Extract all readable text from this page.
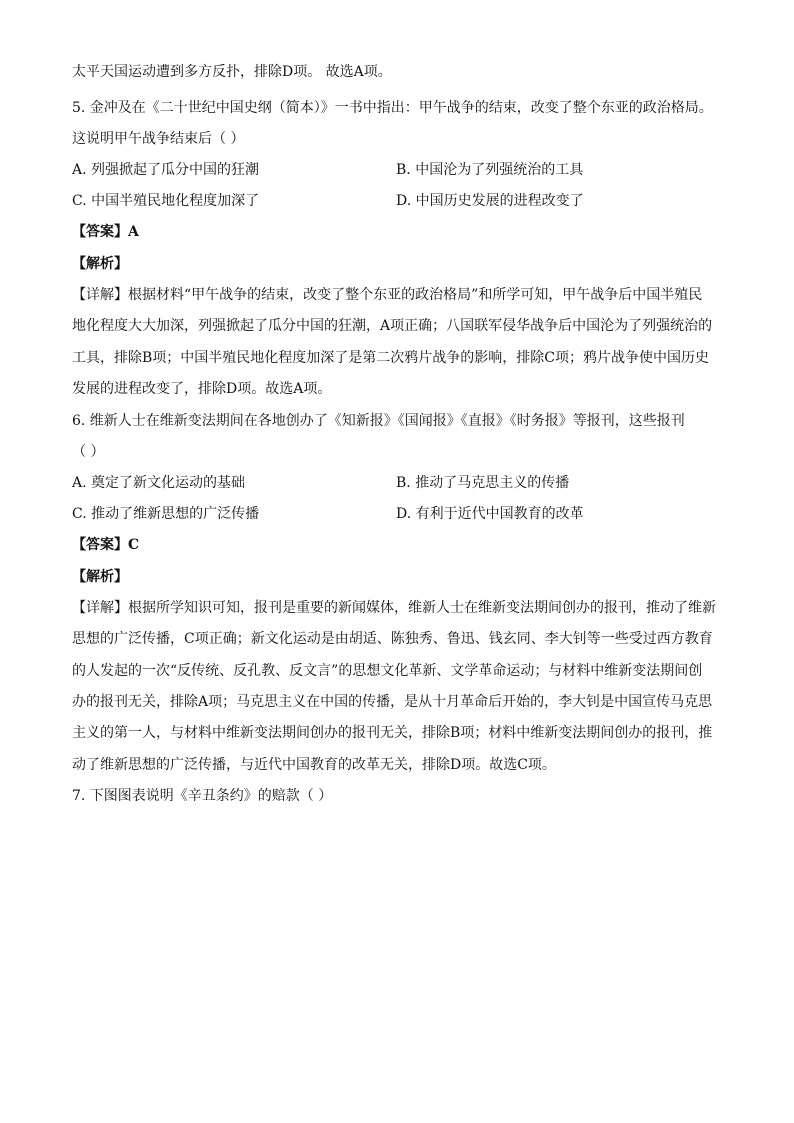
太平天国运动遭到多方反扑，排除D项。 故选A项。
5. 金冲及在《二十世纪中国史纲（简本）》一书中指出：甲午战争的结束，改变了整个东亚的政治格局。
这说明甲午战争结束后（ ）
A. 列强掀起了瓜分中国的狂潮	B. 中国沦为了列强统治的工具
C. 中国半殖民地化程度加深了	D. 中国历史发展的进程改变了
【答案】A
【解析】
【详解】根据材料“甲午战争的结束，改变了整个东亚的政治格局”和所学可知，甲午战争后中国半殖民
地化程度大大加深，列强掀起了瓜分中国的狂潮，A项正确；八国联军侵华战争后中国沦为了列强统治的
工具，排除B项；中国半殖民地化程度加深了是第二次鸦片战争的影响，排除C项；鸦片战争使中国历史
发展的进程改变了，排除D项。故选A项。
6. 维新人士在维新变法期间在各地创办了《知新报》《国闻报》《直报》《时务报》等报刊，这些报刊
（ ）
A. 奠定了新文化运动的基础	B. 推动了马克思主义的传播
C. 推动了维新思想的广泛传播	D. 有利于近代中国教育的改革
【答案】C
【解析】
【详解】根据所学知识可知，报刊是重要的新闻媒体，维新人士在维新变法期间创办的报刊，推动了维新
思想的广泛传播，C项正确；新文化运动是由胡适、陈独秀、鲁迅、钱玄同、李大钊等一些受过西方教育
的人发起的一次“反传统、反孔教、反文言”的思想文化革新、文学革命运动；与材料中维新变法期间创
办的报刊无关，排除A项；马克思主义在中国的传播，是从十月革命后开始的，李大钊是中国宣传马克思
主义的第一人，与材料中维新变法期间创办的报刊无关，排除B项；材料中维新变法期间创办的报刊，推
动了维新思想的广泛传播，与近代中国教育的改革无关，排除D项。故选C项。
7. 下图图表说明《辛丑条约》的赔款（ ）
